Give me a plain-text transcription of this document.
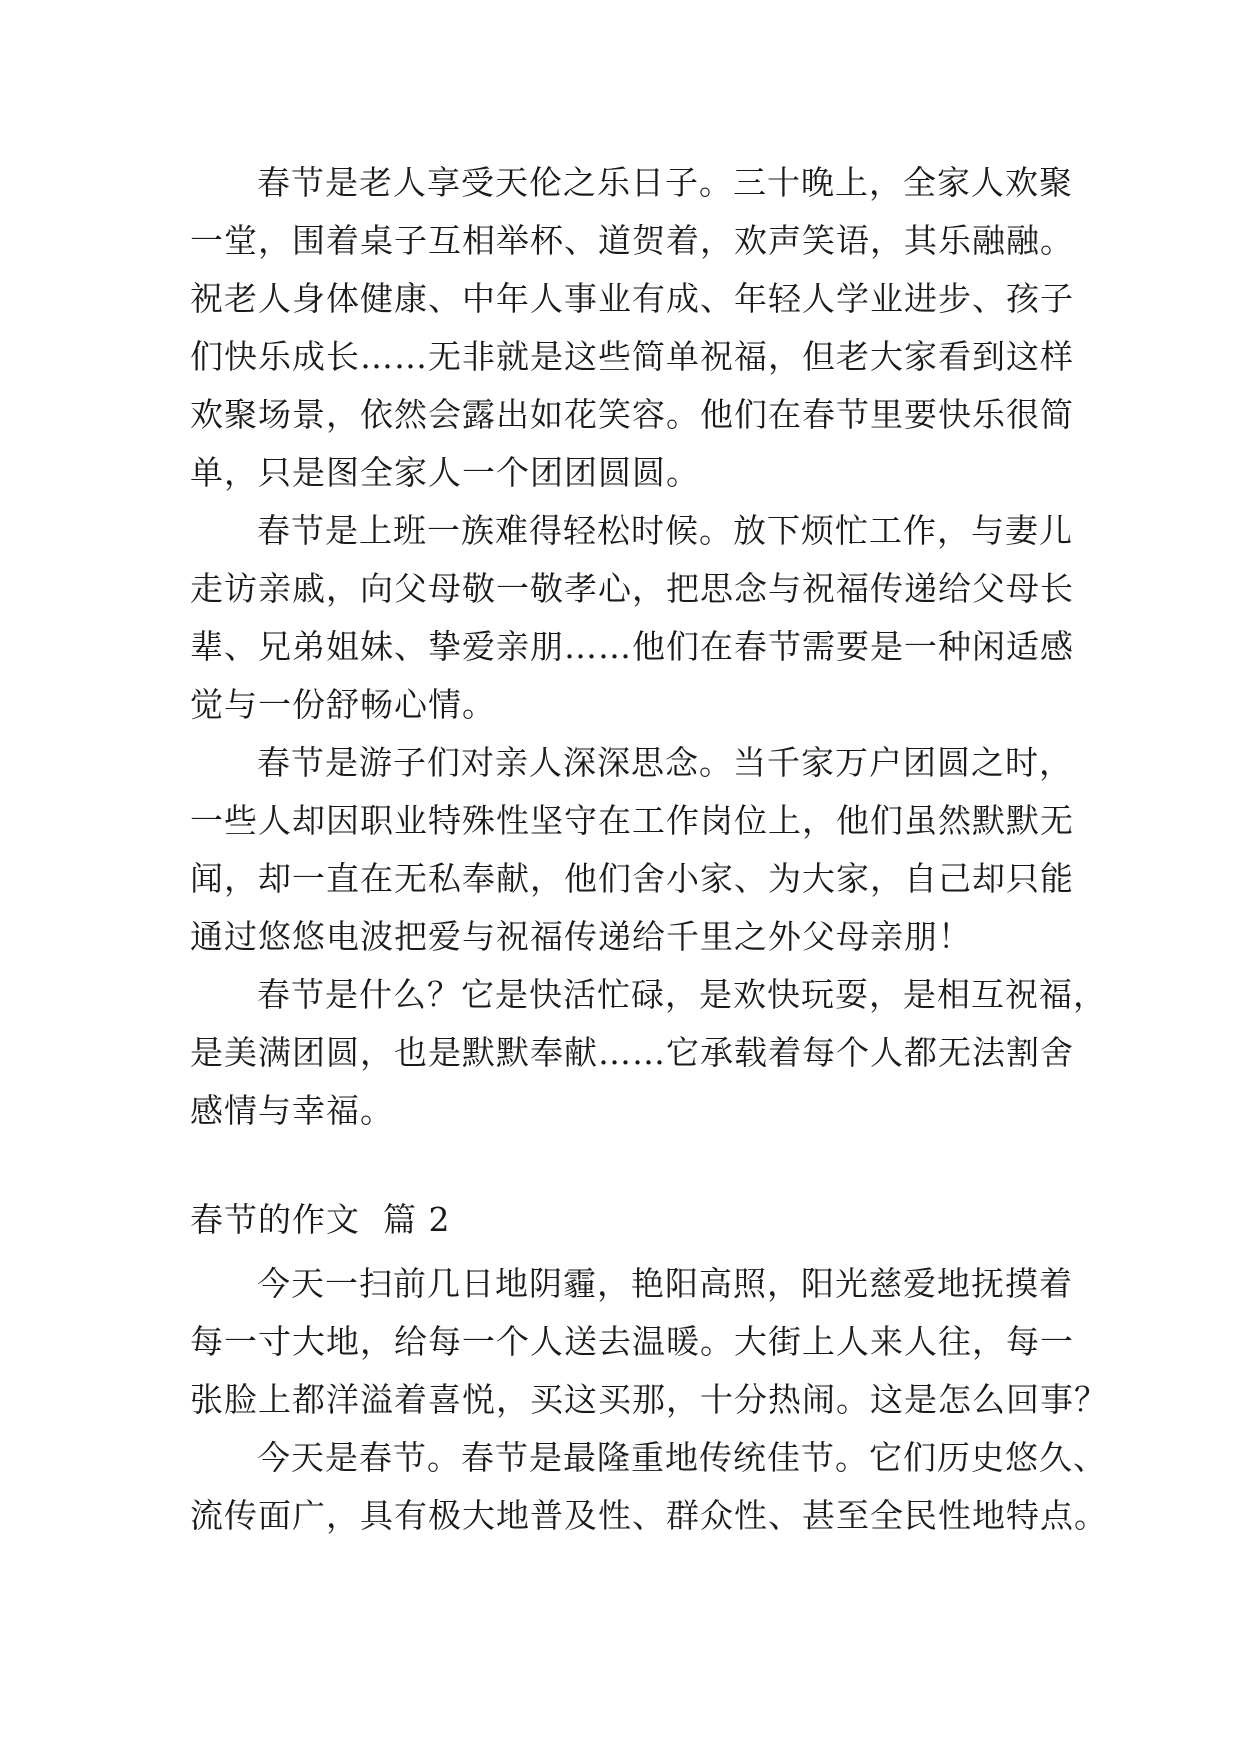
春节是老人享受天伦之乐日子。三十晚上，全家人欢聚
一堂，围着桌子互相举杯、道贺着，欢声笑语，其乐融融。
祝老人身体健康、中年人事业有成、年轻人学业进步、孩子
们快乐成长……无非就是这些简单祝福，但老大家看到这样
欢聚场景，依然会露出如花笑容。他们在春节里要快乐很简
单，只是图全家人一个团团圆圆。
春节是上班一族难得轻松时候。放下烦忙工作，与妻儿
走访亲戚，向父母敬一敬孝心，把思念与祝福传递给父母长
辈、兄弟姐妹、挚爱亲朋……他们在春节需要是一种闲适感
觉与一份舒畅心情。
春节是游子们对亲人深深思念。当千家万户团圆之时，
一些人却因职业特殊性坚守在工作岗位上，他们虽然默默无
闻，却一直在无私奉献，他们舍小家、为大家，自己却只能
通过悠悠电波把爱与祝福传递给千里之外父母亲朋！
春节是什么？它是快活忙碌，是欢快玩耍，是相互祝福，
是美满团圆，也是默默奉献……它承载着每个人都无法割舍
感情与幸福。
春节的作文  篇 2
今天一扫前几日地阴霾，艳阳高照，阳光慈爱地抚摸着
每一寸大地，给每一个人送去温暖。大街上人来人往，每一
张脸上都洋溢着喜悦，买这买那，十分热闹。这是怎么回事？
今天是春节。春节是最隆重地传统佳节。它们历史悠久、
流传面广，具有极大地普及性、群众性、甚至全民性地特点。
